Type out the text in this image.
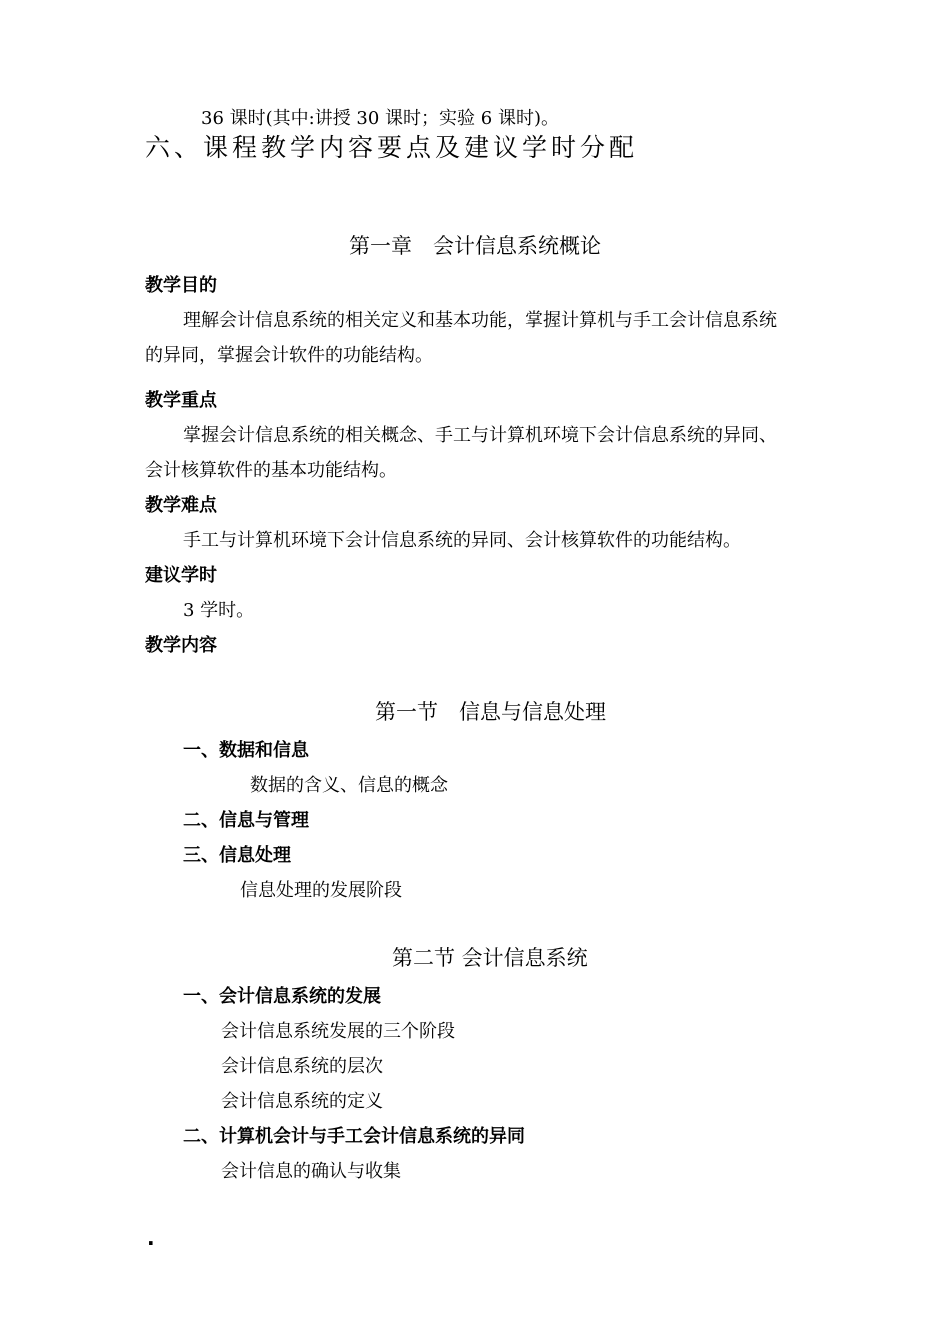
36 课时(其中:讲授 30 课时；实验 6 课时)。
六、课程教学内容要点及建议学时分配
第一章　会计信息系统概论
教学目的
理解会计信息系统的相关定义和基本功能，掌握计算机与手工会计信息系统
的异同，掌握会计软件的功能结构。
教学重点
掌握会计信息系统的相关概念、手工与计算机环境下会计信息系统的异同、
会计核算软件的基本功能结构。
教学难点
手工与计算机环境下会计信息系统的异同、会计核算软件的功能结构。
建议学时
3 学时。
教学内容
第一节　信息与信息处理
一、数据和信息
数据的含义、信息的概念
二、信息与管理
三、信息处理
信息处理的发展阶段
第二节 会计信息系统
一、会计信息系统的发展
会计信息系统发展的三个阶段
会计信息系统的层次
会计信息系统的定义
二、计算机会计与手工会计信息系统的异同
会计信息的确认与收集
.
